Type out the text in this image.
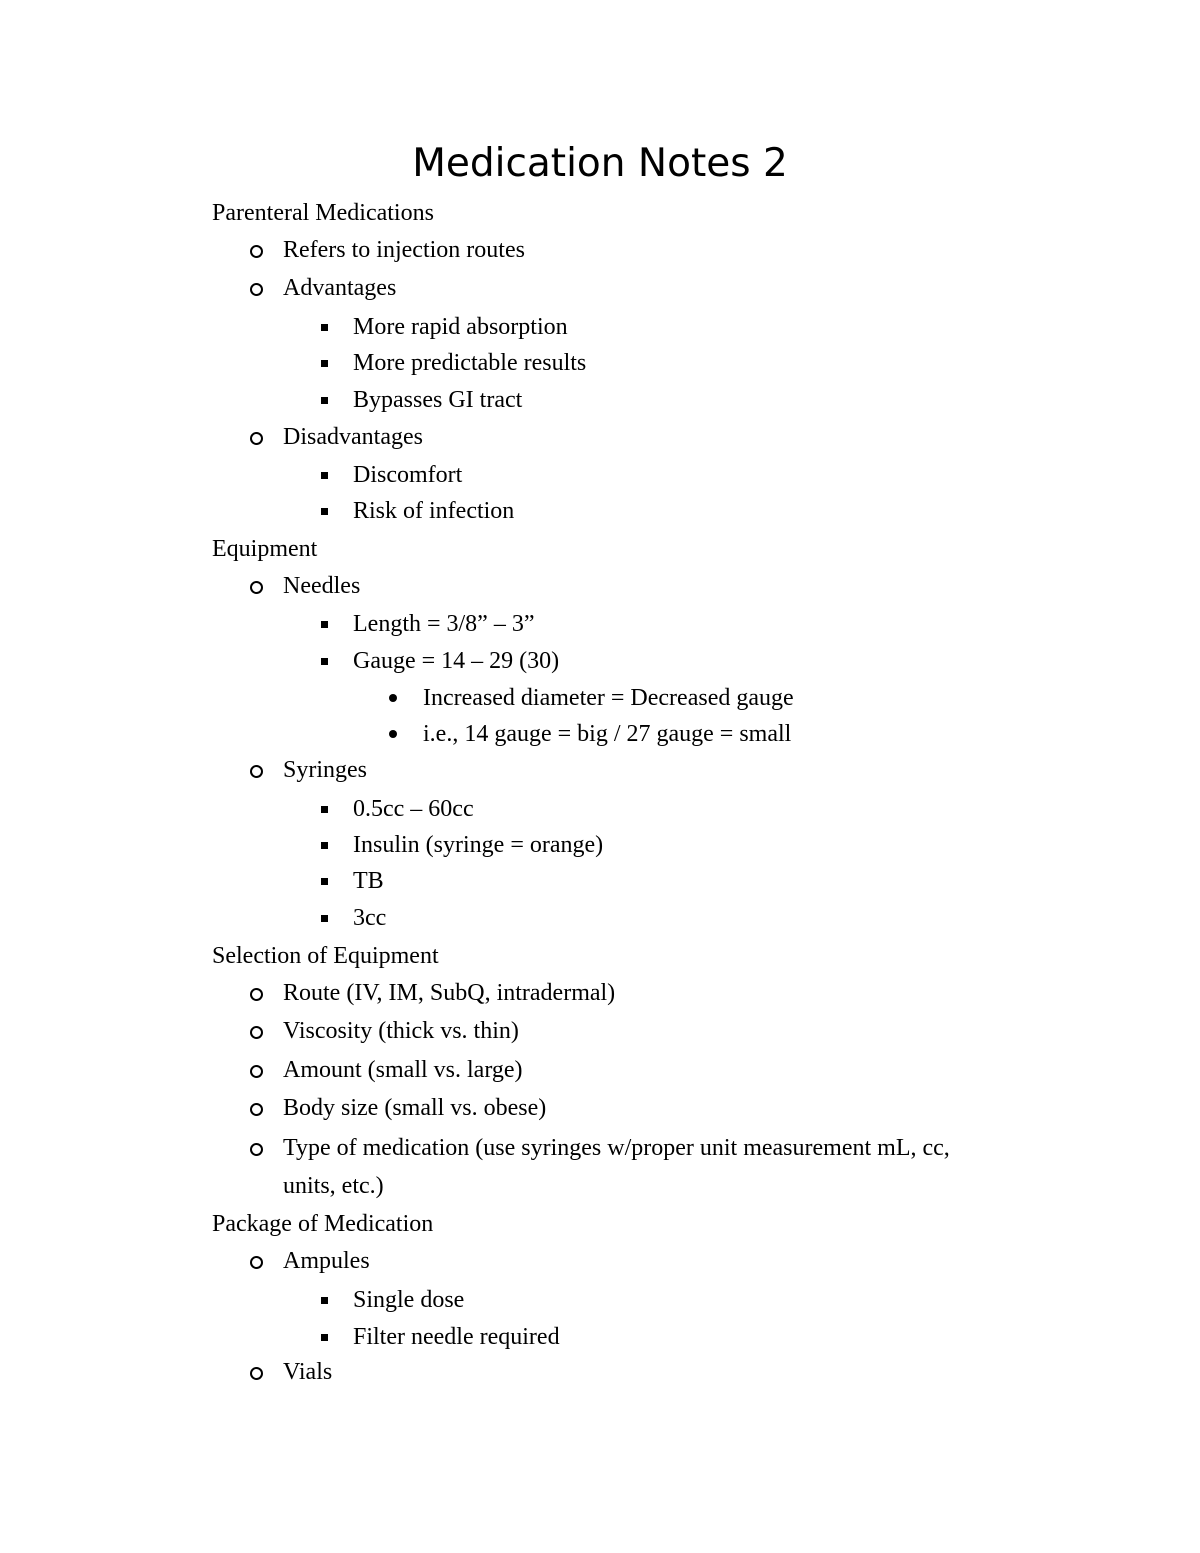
Medication Notes 2
Parenteral Medications
Refers to injection routes
Advantages
More rapid absorption
More predictable results
Bypasses GI tract
Disadvantages
Discomfort
Risk of infection
Equipment
Needles
Length = 3/8” – 3”
Gauge = 14 – 29 (30)
Increased diameter = Decreased gauge
i.e., 14 gauge = big / 27 gauge = small
Syringes
0.5cc – 60cc
Insulin (syringe = orange)
TB
3cc
Selection of Equipment
Route (IV, IM, SubQ, intradermal)
Viscosity (thick vs. thin)
Amount (small vs. large)
Body size (small vs. obese)
Type of medication (use syringes w/proper unit measurement mL, cc,
units, etc.)
Package of Medication
Ampules
Single dose
Filter needle required
Vials
